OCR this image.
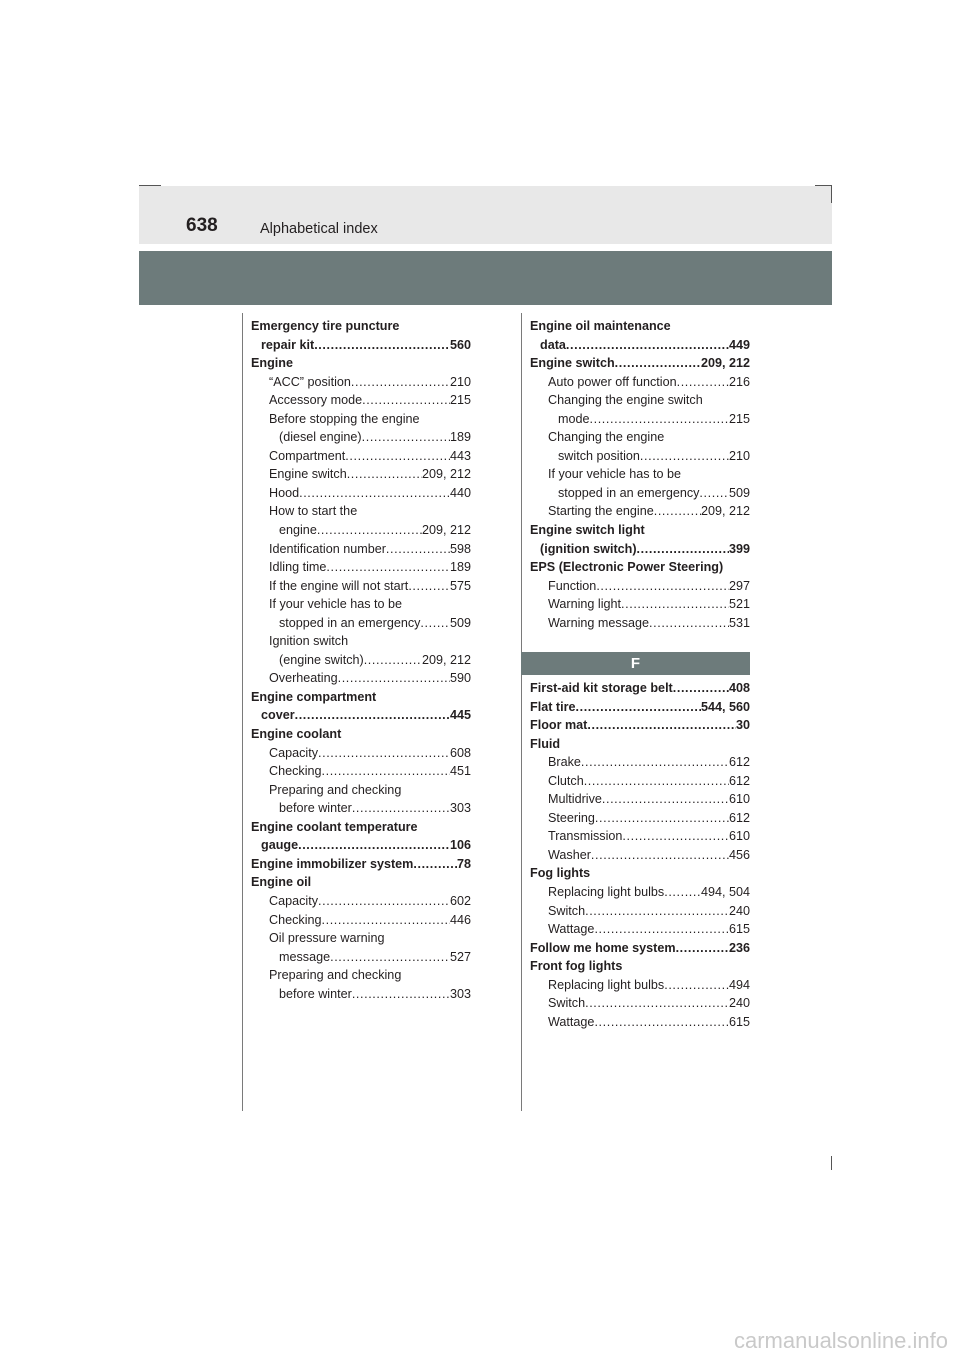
638	Alphabetical index
Emergency tire puncture
repair kit .....	560
Engine
“ACC” position .....	210
Accessory mode .....	215
Before stopping the engine
(diesel engine) .....	189
Compartment .....	443
Engine switch .....	209, 212
Hood .....	440
How to start the
engine .....	209, 212
Identification number .....	598
Idling time .....	189
If the engine will not start .....	575
If your vehicle has to be
stopped in an emergency ..... 509
Ignition switch
(engine switch) .....	209, 212
Overheating .....	590
Engine compartment
cover .....	445
Engine coolant
Capacity .....	608
Checking .....	451
Preparing and checking
before winter .....	303
Engine coolant temperature
gauge .....	106
Engine immobilizer system .....	78
Engine oil
Capacity .....	602
Checking .....	446
Oil pressure warning
message .....	527
Preparing and checking
before winter .....	303
Engine oil maintenance
data .....	449
Engine switch .....	209, 212
Auto power off function .....	216
Changing the engine switch
mode .....	215
Changing the engine
switch position .....	210
If your vehicle has to be
stopped in an emergency ..... 509
Starting the engine .....	209, 212
Engine switch light
(ignition switch) .....	399
EPS (Electronic Power Steering)
Function .....	297
Warning light .....	521
Warning message .....	531
F
First-aid kit storage belt .....	408
Flat tire .....	544, 560
Floor mat .....	30
Fluid
Brake .....	612
Clutch .....	612
Multidrive .....	610
Steering .....	612
Transmission .....	610
Washer .....	456
Fog lights
Replacing light bulbs .....	494, 504
Switch .....	240
Wattage .....	615
Follow me home system .....	236
Front fog lights
Replacing light bulbs .....	494
Switch .....	240
Wattage .....	615
carmanualsonline.info
